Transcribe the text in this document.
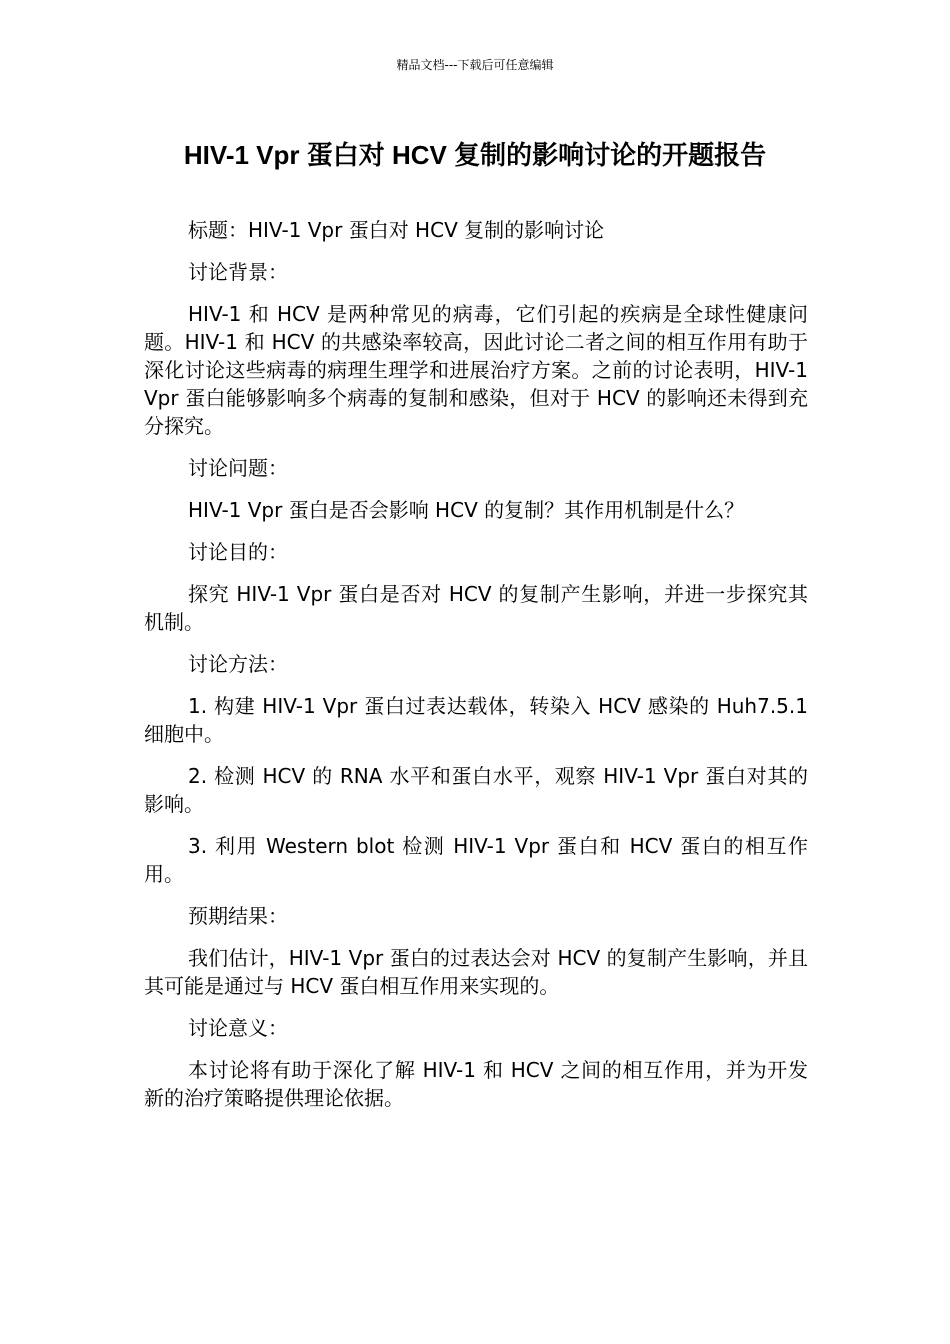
精品文档---下载后可任意编辑
HIV-1 Vpr 蛋白对 HCV 复制的影响讨论的开题报告

标题：HIV-1 Vpr 蛋白对 HCV 复制的影响讨论

讨论背景：

HIV-1 和 HCV 是两种常见的病毒，它们引起的疾病是全球性健康问题。HIV-1 和 HCV 的共感染率较高，因此讨论二者之间的相互作用有助于深化讨论这些病毒的病理生理学和进展治疗方案。之前的讨论表明，HIV-1 Vpr 蛋白能够影响多个病毒的复制和感染，但对于 HCV 的影响还未得到充分探究。

讨论问题：

HIV-1 Vpr 蛋白是否会影响 HCV 的复制？其作用机制是什么？

讨论目的：

探究 HIV-1 Vpr 蛋白是否对 HCV 的复制产生影响，并进一步探究其机制。

讨论方法：

1. 构建 HIV-1 Vpr 蛋白过表达载体，转染入 HCV 感染的 Huh7.5.1 细胞中。

2. 检测 HCV 的 RNA 水平和蛋白水平，观察 HIV-1 Vpr 蛋白对其的影响。

3. 利用 Western blot 检测 HIV-1 Vpr 蛋白和 HCV 蛋白的相互作用。

预期结果：

我们估计，HIV-1 Vpr 蛋白的过表达会对 HCV 的复制产生影响，并且其可能是通过与 HCV 蛋白相互作用来实现的。

讨论意义：

本讨论将有助于深化了解 HIV-1 和 HCV 之间的相互作用，并为开发新的治疗策略提供理论依据。
